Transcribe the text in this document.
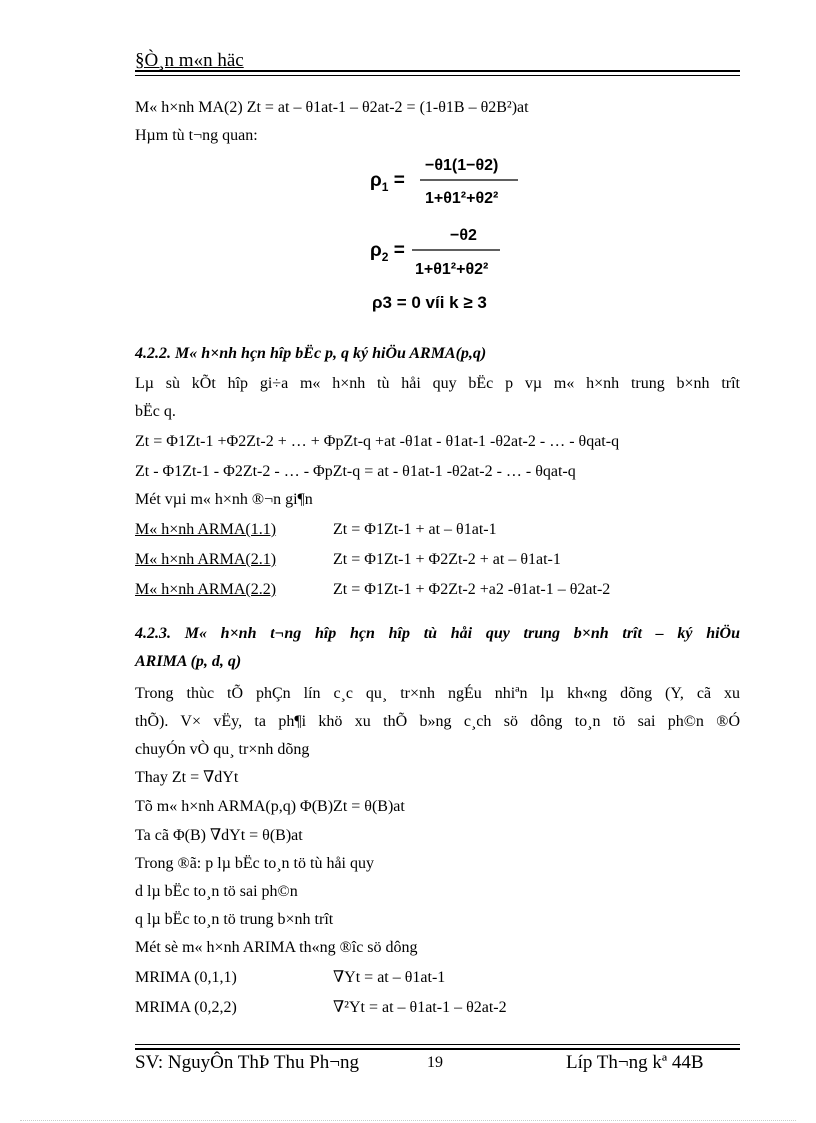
§Ò¸n m«n häc
M« h×nh MA(2) Zt = at – θ1at-1 – θ2at-2 = (1-θ1B – θ2B²)at
Hµm tù t¬ng quan:
$\rho_1$ =
−θ1(1−θ2)
1+θ1²+θ2²
$\rho_2$ =
−θ2
1+θ1²+θ2²
ρ3 = 0 víi k ≥ 3
4.2.2. M« h×nh hçn hîp bËc p, q ký hiÖu ARMA(p,q)
Lµ sù kÕt hîp gi÷a m« h×nh tù håi quy bËc p vµ m« h×nh trung b×nh trît
bËc q.
Zt = Φ1Zt-1 +Φ2Zt-2 + … + ΦpZt-q +at -θ1at - θ1at-1 -θ2at-2 - … - θqat-q
Zt - Φ1Zt-1 - Φ2Zt-2 - … - ΦpZt-q = at - θ1at-1 -θ2at-2 - … - θqat-q
Mét vµi m« h×nh ®¬n gi¶n
M« h×nh ARMA(1.1)	Zt = Φ1Zt-1 + at – θ1at-1
M« h×nh ARMA(2.1)	Zt = Φ1Zt-1 + Φ2Zt-2 + at – θ1at-1
M« h×nh ARMA(2.2)	Zt = Φ1Zt-1 + Φ2Zt-2 +a2 -θ1at-1 – θ2at-2
4.2.3. M« h×nh t¬ng hîp hçn hîp tù håi quy trung b×nh trît – ký hiÖu
ARIMA (p, d, q)
Trong thùc tÕ phÇn lín c¸c qu¸ tr×nh ngÉu nhiªn lµ kh«ng dõng (Y, cã xu
thÕ). V× vËy, ta ph¶i khö xu thÕ b»ng c¸ch sö dông to¸n tö sai ph©n ®Ó
chuyÓn vÒ qu¸ tr×nh dõng
Thay Zt = ∇dYt
Tõ m« h×nh ARMA(p,q) Φ(B)Zt = θ(B)at
Ta cã Φ(B) ∇dYt = θ(B)at
Trong ®ã: p lµ bËc to¸n tö tù håi quy
d lµ bËc to¸n tö sai ph©n
q lµ bËc to¸n tö trung b×nh trît
Mét sè m« h×nh ARIMA th«ng ®îc sö dông
MRIMA (0,1,1)	∇Yt = at – θ1at-1
MRIMA (0,2,2)	∇²Yt = at – θ1at-1 – θ2at-2
SV: NguyÔn ThÞ Thu Ph¬ng	19	Líp Th¬ng kª 44B
